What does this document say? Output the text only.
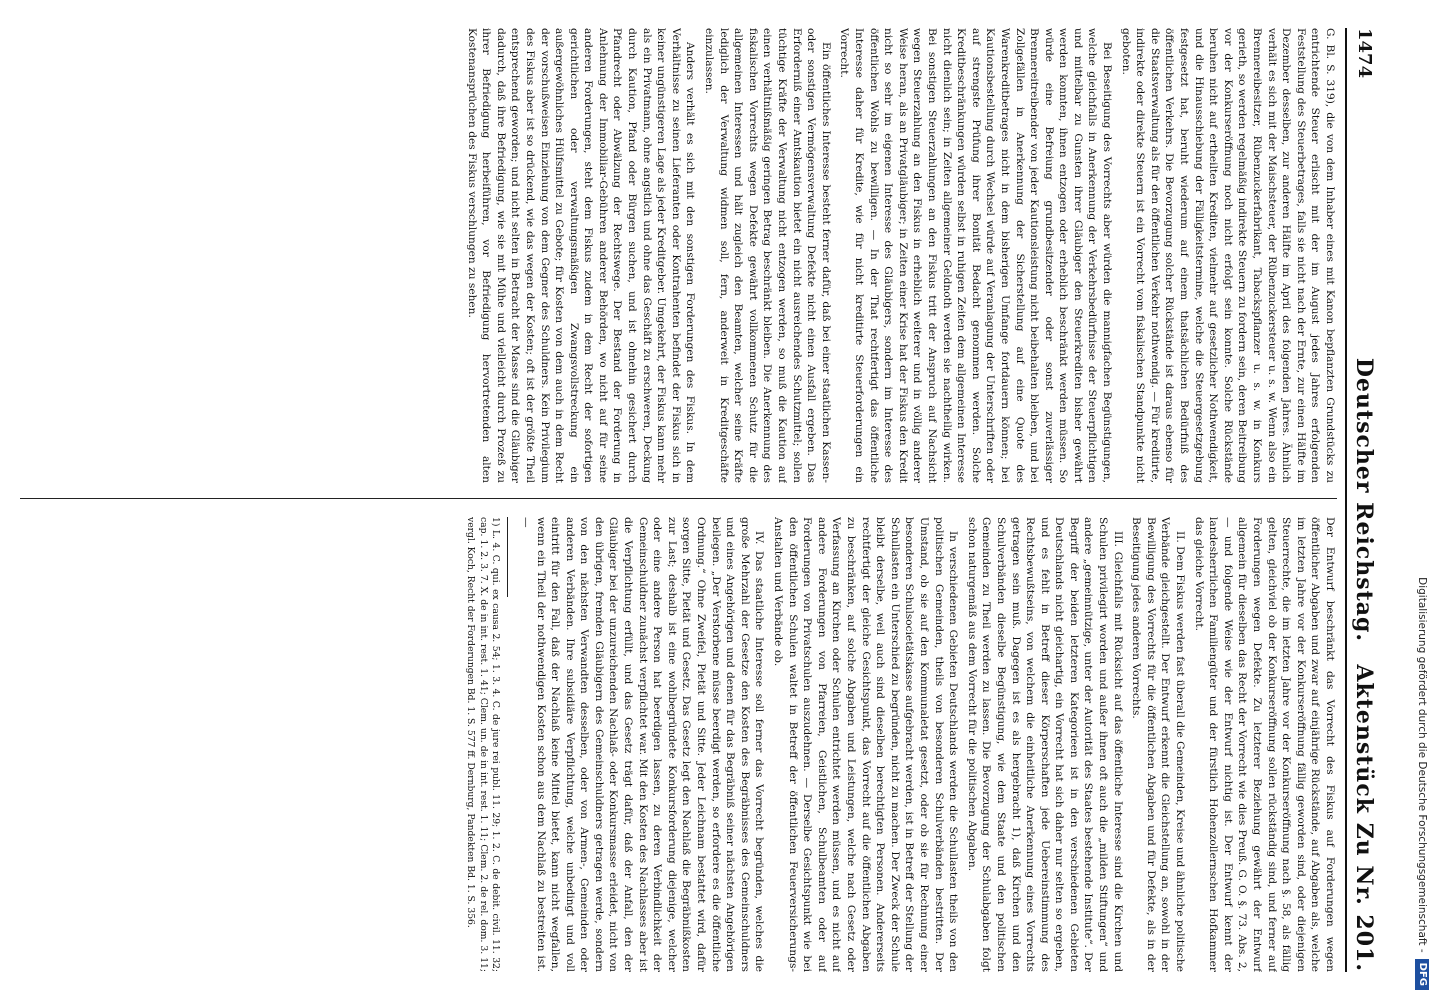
1474
Deutscher Reichstag.
Aktenstück Zu Nr. 201.

G. Bl. S. 319), die von dem Inhaber eines mit Kanon bepflanzten Grundstücks zu entrichtende Steuer erlischt mit der im August jedes Jahres erfolgenden Feststellung des Steuerbetrages, falls sie nicht nach der Ernte, zur einen Hälfte im Dezember desselben, zur anderen Hälfte im April des folgenden Jahres. Ähnlich verhält es sich mit der Maischsteuer, der Rübenzuckersteuer u. s. w. Wenn also ein Brennereibesitzer, Rübenzuckerfabrikant, Tabackspflanzer u. s. w. in Konkurs gerieth, so werden regelmäßig indirekte Steuern zu fordern sein, deren Beitreibung vor der Konkurseröffnung noch nicht erfolgt sein konnte. Solche Rückstände beruhen nicht auf ertheilten Krediten, vielmehr auf gesetzlicher Nothwendigkeit, und die Hinausschiebung der Fälligkeitstermine, welche die Steuergesetzgebung festgesetzt hat, beruht wiederum auf einem thatsächlichen Bedürfniß des öffentlichen Verkehrs. Die Bevorzugung solcher Rückstände ist daraus ebenso für die Staatsverwaltung als für den öffentlichen Verkehr nothwendig. — Für kreditirte, indirekte oder direkte Steuern ist ein Vorrecht vom fiskalischen Standpunkte nicht geboten.

Bei Beseitigung des Vorrechts aber würden die mannigfachen Begünstigungen, welche gleichfalls in Anerkennung der Verkehrsbedürfnisse der Steuerpflichtigen und mittelbar zu Gunsten ihrer Gläubiger den Steuerkrediten bisher gewährt werden konnten, ihnen entzogen oder erheblich beschränkt werden müssen. So würde eine Befreiung grundbesitzender oder sonst zuverlässiger Brennereitreibender von jeder Kautionsleistung nicht beibehalten bleiben, und bei Zollgefällen in Anerkennung der Sicherstellung auf eine Quote des Warenkreditbetrages nicht in dem bisherigen Umfange fortdauern können; bei Kautionsbestellung durch Wechsel würde auf Veranlagung der Unterschriften oder auf strengste Prüfung ihrer Bonität Bedacht genommen werden. Solche Kreditbeschränkungen würden selbst in ruhigen Zeiten dem allgemeinen Interesse nicht dienlich sein; in Zeiten allgemeiner Geldnoth werden sie nachtheilig wirken. Bei sonstigen Steuerzahlungen an den Fiskus tritt der Anspruch auf Nachsicht wegen Steuerzahlung an den Fiskus in erheblich weiterer und in völlig anderer Weise heran, als an Privatgläubiger; in Zeiten einer Krise hat der Fiskus den Kredit nicht so sehr im eigenen Interesse des Gläubigers, sondern im Interesse des öffentlichen Wohls zu bewilligen. — In der That rechtfertigt das öffentliche Interesse daher für Kredite, wie für nicht kreditirte Steuerforderungen ein Vorrecht.

Ein öffentliches Interesse besteht ferner dafür, daß bei einer staatlichen Kassen- oder sonstigen Vermögensverwaltung Defekte nicht einen Ausfall ergeben. Das Erforderniß einer Amtskaution bietet ein nicht ausreichendes Schutzmittel; sollen tüchtige Kräfte der Verwaltung nicht entzogen werden, so muß die Kaution auf einen verhältnißmäßig geringen Betrag beschränkt bleiben. Die Anerkennung des fiskalischen Vorrechts wegen Defekte gewährt vollkommenen Schutz für die allgemeinen Interessen und hält zugleich den Beamten, welcher seine Kräfte lediglich der Verwaltung widmen soll, fern, anderweit in Kreditgeschäfte einzulassen.

Anders verhält es sich mit den sonstigen Forderungen des Fiskus. In dem Verhältnisse zu seinen Lieferanten oder Kontrahenten befindet der Fiskus sich in keiner ungünstigeren Lage als jeder Kreditgeber. Umgekehrt, der Fiskus kann mehr als ein Privatmann, ohne angstlich und ohne das Geschäft zu erschweren, Deckung durch Kaution, Pfand oder Bürgen suchen, und ist ohnehin gesichert durch Pfandrecht oder Abwälzung der Rechtswege. Der Bestand der Forderung in Anlehnung der Immobiliar-Gebühren anderer Behörden, wo nicht auf für seine anderen Forderungen, steht dem Fiskus zudem in dem Recht der sofortigen gerichtlichen oder verwaltungsmäßigen Zwangsvollstreckung ein außergewöhnliches Hülfsmittel zu Gebote; für Kosten von dem auch in dem Recht der vorschußweisen Einziehung von dem Gegner des Schuldners. Kein Privilegium des Fiskus aber ist so drückend, wie das wegen der Kosten; oft ist der größte Theil entsprechend geworden; und nicht selten in Betracht der Masse sind die Gläubiger dadurch, daß ihre Befriedigung, wie sie mit Mühe und vielleicht durch Prozeß zu ihrer Befriedigung herbeiführen, vor Befriedigung hervortretenden alten Kostenansprüchen des Fiskus verschlungen zu sehen.

Der Entwurf beschränkt das Vorrecht des Fiskus auf Forderungen wegen öffentlicher Abgaben und zwar auf einjährige Rückstände, auf Abgaben als, welche im letzten Jahre vor der Konkurseröffnung fällig geworden sind, oder diejenigen Steuerrechte, die im letzten Jahre vor der Konkurseröffnung nach §. 58, als fällig gelten, gleichviel ob der Konkurseröffnung sollen rückständig sind, und ferner auf Forderungen wegen Defekte. Zu letzterer Beziehung gewährt der Entwurf allgemein für dieselben das Recht der Vorrecht wie dies Preuß. G. O. §. 73. Abs. 2, — und folgende Weise wie der Entwurf nichtig ist. Der Entwurf kennt der landesherrlichen Familiengüter und der fürstlich Hohenzollernschen Hofkammer das gleiche Vorrecht.

II. Dem Fiskus werden fast überall die Gemeinden, Kreise und ähnliche politische Verbände gleichgestellt. Der Entwurf erkennt die Gleichstellung an, sowohl in der Bewilligung des Vorrechts für die öffentlichen Abgaben und für Defekte, als in der Beseitigung jedes anderen Vorrechts.

III. Gleichfalls mit Rücksicht auf das öffentliche Interesse sind die Kirchen und Schulen privilegirt worden und außer ihnen oft auch die „milden Stiftungen“ und andere „gemeinnützige, unter der Autorität des Staates bestehende Institute“. Der Begriff der beiden letzteren Kategorieen ist in den verschiedenen Gebieten Deutschlands nicht gleichartig, ein Vorrecht hat sich daher nur selten so ergeben, und es fehlt in Betreff dieser Körperschaften jede Uebereinstimmung des Rechtsbewußtseins, von welchem die einheitliche Anerkennung eines Vorrechts getragen sein muß. Dagegen ist es als hergebracht 1), daß Kirchen und den Schulverbänden dieselbe Begünstigung, wie dem Staate und den politischen Gemeinden zu Theil werden zu lassen. Die Bevorzugung der Schulabgaben folgt schon naturgemäß aus dem Vorrecht für die politischen Abgaben.

In verschiedenen Gebieten Deutschlands werden die Schullasten theils von den politischen Gemeinden, theils von besonderen Schulverbänden bestritten. Der Umstand, ob sie auf den Kommunaletat gesetzt, oder ob sie für Rechnung einer besonderen Schulsocietätskasse aufgebracht werden, ist in Betreff der Stellung der Schullasten ein Unterschied zu begründen, nicht zu machen. Der Zweck der Schule bleibt derselbe, weil auch sind dieselben berechtigten Personen. Andererseits rechtfertigt der gleiche Gesichtspunkt, das Vorrecht auf die öffentlichen Abgaben zu beschränken, auf solche Abgaben und Leistungen, welche nach Gesetz oder Verfassung an Kirchen oder Schulen entrichtet werden müssen, und es nicht auf andere Forderungen von Pfarreien, Geistlichen, Schulbeamten oder auf Forderungen von Privatschulen auszudehnen. — Derselbe Gesichtspunkt wie bei den öffentlichen Schulen waltet in Betreff der öffentlichen Feuerversicherungs-Anstalten und Verbände ob.

IV. Das staatliche Interesse soll ferner das Vorrecht begründen, welches die große Mehrzahl der Gesetze den Kosten des Begräbnisses des Gemeinschuldners und eines Angehörigen und denen für das Begräbniß seiner nächsten Angehörigen beilegen. „Der Verstorbene müsse beerdigt werden, so erfordere es die öffentliche Ordnung.“ Ohne Zweifel, Pietät und Sitte. Jeder Leichnam bestattet wird, dafür sorgen Sitte, Pietät und Gesetz. Das Gesetz legt den Nachlaß die Begräbnißkosten zur Last; deshalb ist eine wohlbegründete Konkursforderung diejenige, welcher oder eine andere Person hat beerdigen lassen, zu deren Verbindlichkeit der Gemeinschuldner zunächst verpflichtet war. Mit den Kosten des Nachlasses aber ist die Verpflichtung erfüllt, und das Gesetz trägt dafür, daß der Anfall, den der Gläubiger bei der unzureichenden Nachlaß- oder Konkursmasse erleidet, nicht von den übrigen, fremden Gläubigern des Gemeinschuldners getragen werde, sondern von den nächsten Verwandten desselben, oder von Armen-, Gemeinden oder anderen Verbänden. Ihre subsidiäre Verpflichtung, welche unbedingt und voll eintritt für den Fall, daß der Nachlaß keine Mittel bietet, kann nicht wegfallen, wenn ein Theil der nothwendigen Kosten schon aus dem Nachlaß zu bestreiten ist. —

1) L. 4. C. qui. ex causa 2. 54; 1. 3. 4. C. de jure rei publ. 11. 29; 1. 2. C. de debit. civil. 11. 32; cap. 1. 2. 3. 7. X. de in int. rest. 1. 41; Clem. un. de in int. rest. 1. 11; Clem. 2. de rel. dom. 3. 11; vergl. Koch, Recht der Forderungen Bd. 1. S. 577 ff. Dernburg, Pandekten Bd. 1. S. 356.	Digitalisierung gefördert durch die Deutsche Forschungsgemeinschaft -
DFG
